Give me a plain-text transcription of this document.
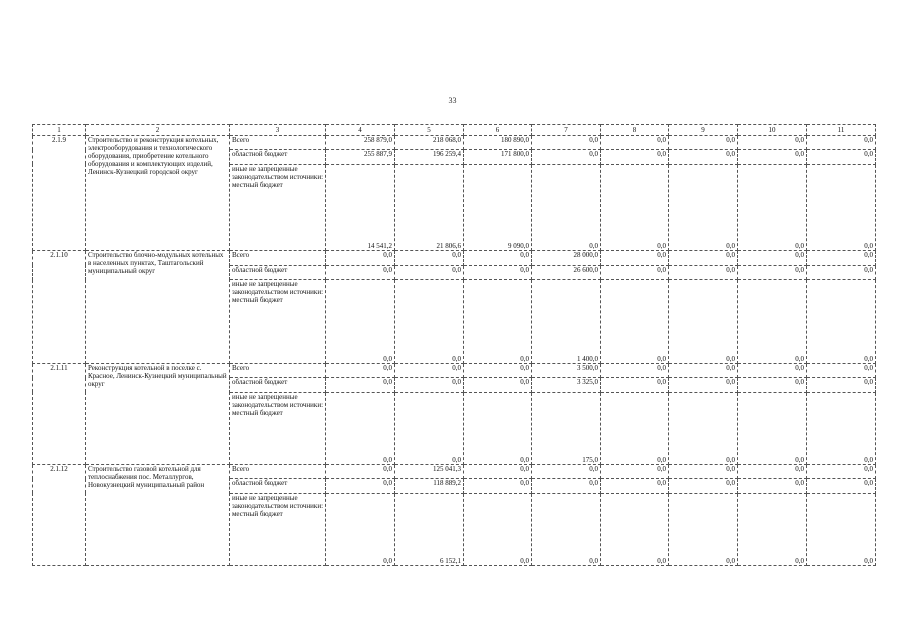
33
1	2	3	4	5	6	7	8	9	10	11
2.1.9	Строительство и реконструкция котельных, электрооборудования и технологического оборудования, приобретение котельного оборудования и комплектующих изделий, Ленинск-Кузнецкий городской округ	Всего	258 879,0	218 068,0	180 890,0	0,0	0,0	0,0	0,0	0,0
		областной бюджет	255 887,9	196 259,4	171 800,0	0,0	0,0	0,0	0,0	0,0
		иные не запрещенные законодательством источники: местный бюджет	14 541,2	21 806,6	9 090,0	0,0	0,0	0,0	0,0	0,0
2.1.10	Строительство блочно-модульных котельных в населенных пунктах, Таштагольский муниципальный округ	Всего	0,0	0,0	0,0	28 000,0	0,0	0,0	0,0	0,0
		областной бюджет	0,0	0,0	0,0	26 600,0	0,0	0,0	0,0	0,0
		иные не запрещенные законодательством источники: местный бюджет	0,0	0,0	0,0	1 400,0	0,0	0,0	0,0	0,0
2.1.11	Реконструкция котельной в поселке с. Красное, Ленинск-Кузнецкий муниципальный округ	Всего	0,0	0,0	0,0	3 500,0	0,0	0,0	0,0	0,0
		областной бюджет	0,0	0,0	0,0	3 325,0	0,0	0,0	0,0	0,0
		иные не запрещенные законодательством источники: местный бюджет	0,0	0,0	0,0	175,0	0,0	0,0	0,0	0,0
2.1.12	Строительство газовой котельной для теплоснабжения пос. Металлургов, Новокузнецкий муниципальный район	Всего	0,0	125 041,3	0,0	0,0	0,0	0,0	0,0	0,0
		областной бюджет	0,0	118 889,2	0,0	0,0	0,0	0,0	0,0	0,0
		иные не запрещенные законодательством источники: местный бюджет	0,0	6 152,1	0,0	0,0	0,0	0,0	0,0	0,0
